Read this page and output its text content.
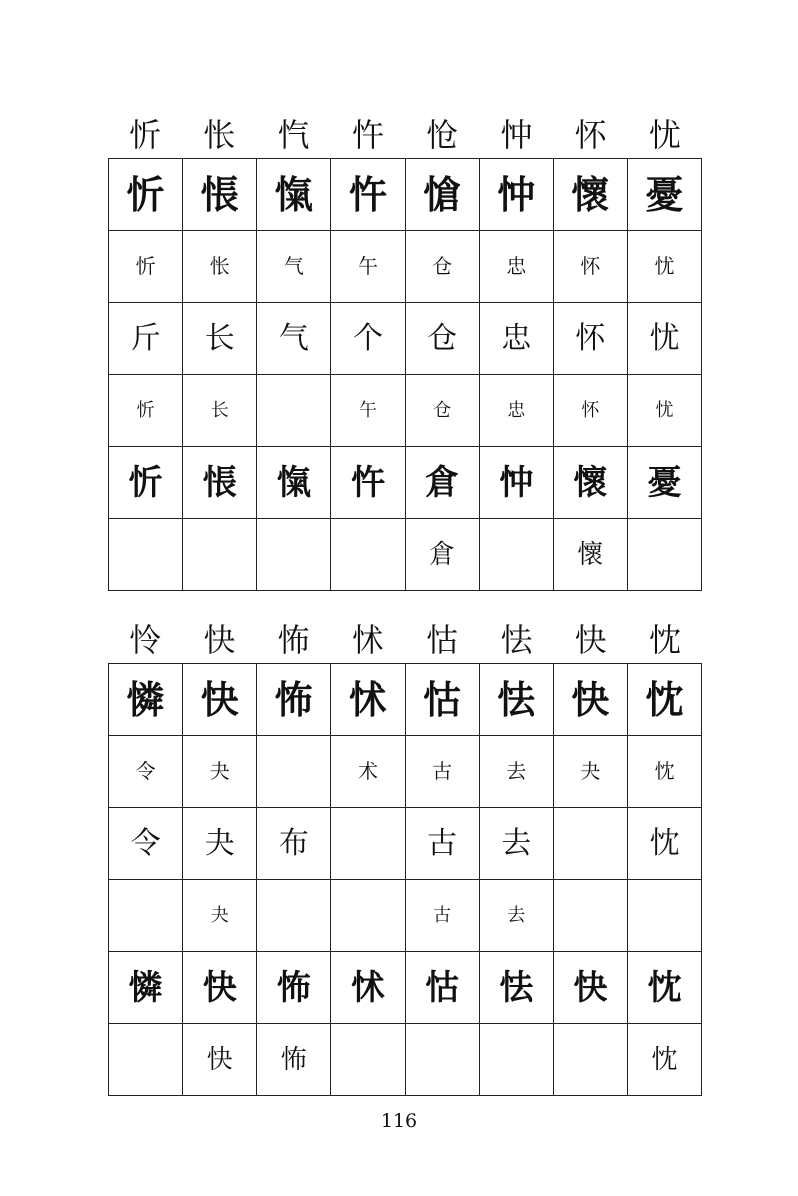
忻	怅	忾	忤	怆	忡	怀	忧
忻	悵	愾	忤	愴	忡	懷	憂
忻	怅	气	午	仓	忠	怀	忧
斤	长	气	个	仓	忠	怀	忧
忻	长		午	仓	忠	怀	忧
忻	悵	愾	忤	倉	忡	懷	憂
				倉		懷	
怜	快	怖	怵	怙	怯	快	忱
憐	快	怖	怵	怙	怯	快	忱
令	夬		术	古	去	夬	忱
令	夬	布		古	去		忱
	夬			古	去		
憐	快	怖	怵	怙	怯	快	忱
	快	怖					忱
116
